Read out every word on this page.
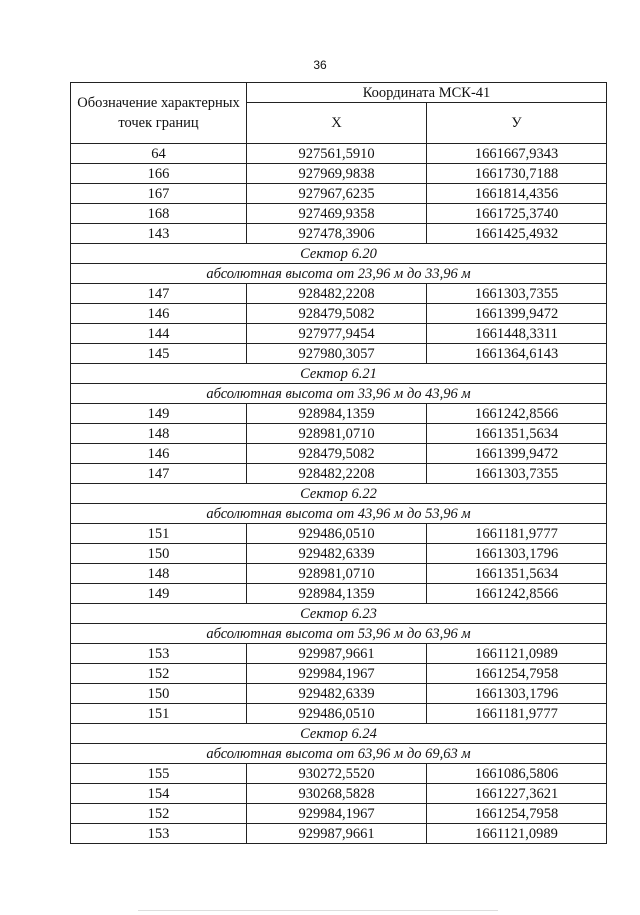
36
Обозначение характерных точек границ	Координата МСК-41	
	X	У
64	927561,5910	1661667,9343
166	927969,9838	1661730,7188
167	927967,6235	1661814,4356
168	927469,9358	1661725,3740
143	927478,3906	1661425,4932
Сектор 6.20		
абсолютная высота от 23,96 м до 33,96 м		
147	928482,2208	1661303,7355
146	928479,5082	1661399,9472
144	927977,9454	1661448,3311
145	927980,3057	1661364,6143
Сектор 6.21		
абсолютная высота от 33,96 м до 43,96 м		
149	928984,1359	1661242,8566
148	928981,0710	1661351,5634
146	928479,5082	1661399,9472
147	928482,2208	1661303,7355
Сектор 6.22		
абсолютная высота от 43,96 м до 53,96 м		
151	929486,0510	1661181,9777
150	929482,6339	1661303,1796
148	928981,0710	1661351,5634
149	928984,1359	1661242,8566
Сектор 6.23		
абсолютная высота от 53,96 м до 63,96 м		
153	929987,9661	1661121,0989
152	929984,1967	1661254,7958
150	929482,6339	1661303,1796
151	929486,0510	1661181,9777
Сектор 6.24		
абсолютная высота от 63,96 м до 69,63 м		
155	930272,5520	1661086,5806
154	930268,5828	1661227,3621
152	929984,1967	1661254,7958
153	929987,9661	1661121,0989
